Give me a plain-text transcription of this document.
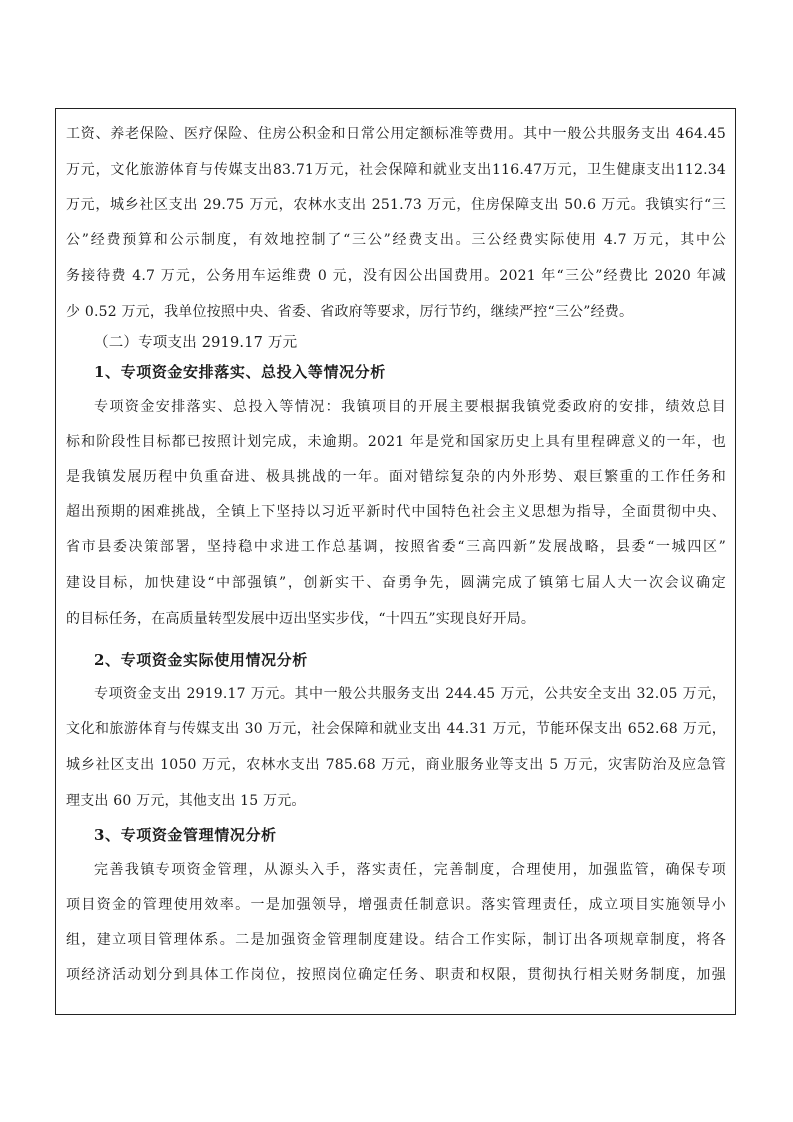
工资、养老保险、医疗保险、住房公积金和日常公用定额标准等费用。其中一般公共服务支出 464.45
万元，文化旅游体育与传媒支出83.71万元，社会保障和就业支出116.47万元，卫生健康支出112.34
万元，城乡社区支出 29.75 万元，农林水支出 251.73 万元，住房保障支出 50.6 万元。我镇实行“三
公”经费预算和公示制度，有效地控制了“三公”经费支出。三公经费实际使用 4.7 万元，其中公
务接待费 4.7 万元，公务用车运维费 0 元，没有因公出国费用。2021 年“三公”经费比 2020 年减
少 0.52 万元，我单位按照中央、省委、省政府等要求，厉行节约，继续严控“三公”经费。
（二）专项支出 2919.17 万元
1、专项资金安排落实、总投入等情况分析
专项资金安排落实、总投入等情况：我镇项目的开展主要根据我镇党委政府的安排，绩效总目
标和阶段性目标都已按照计划完成，未逾期。2021 年是党和国家历史上具有里程碑意义的一年，也
是我镇发展历程中负重奋进、极具挑战的一年。面对错综复杂的内外形势、艰巨繁重的工作任务和
超出预期的困难挑战，全镇上下坚持以习近平新时代中国特色社会主义思想为指导，全面贯彻中央、
省市县委决策部署，坚持稳中求进工作总基调，按照省委“三高四新”发展战略，县委“一城四区”
建设目标，加快建设“中部强镇”，创新实干、奋勇争先，圆满完成了镇第七届人大一次会议确定
的目标任务，在高质量转型发展中迈出坚实步伐，“十四五”实现良好开局。
2、专项资金实际使用情况分析
专项资金支出 2919.17 万元。其中一般公共服务支出 244.45 万元，公共安全支出 32.05 万元，
文化和旅游体育与传媒支出 30 万元，社会保障和就业支出 44.31 万元，节能环保支出 652.68 万元，
城乡社区支出 1050 万元，农林水支出 785.68 万元，商业服务业等支出 5 万元，灾害防治及应急管
理支出 60 万元，其他支出 15 万元。
3、专项资金管理情况分析
完善我镇专项资金管理，从源头入手，落实责任，完善制度，合理使用，加强监管，确保专项
项目资金的管理使用效率。一是加强领导，增强责任制意识。落实管理责任，成立项目实施领导小
组，建立项目管理体系。二是加强资金管理制度建设。结合工作实际，制订出各项规章制度，将各
项经济活动划分到具体工作岗位，按照岗位确定任务、职责和权限，贯彻执行相关财务制度，加强
